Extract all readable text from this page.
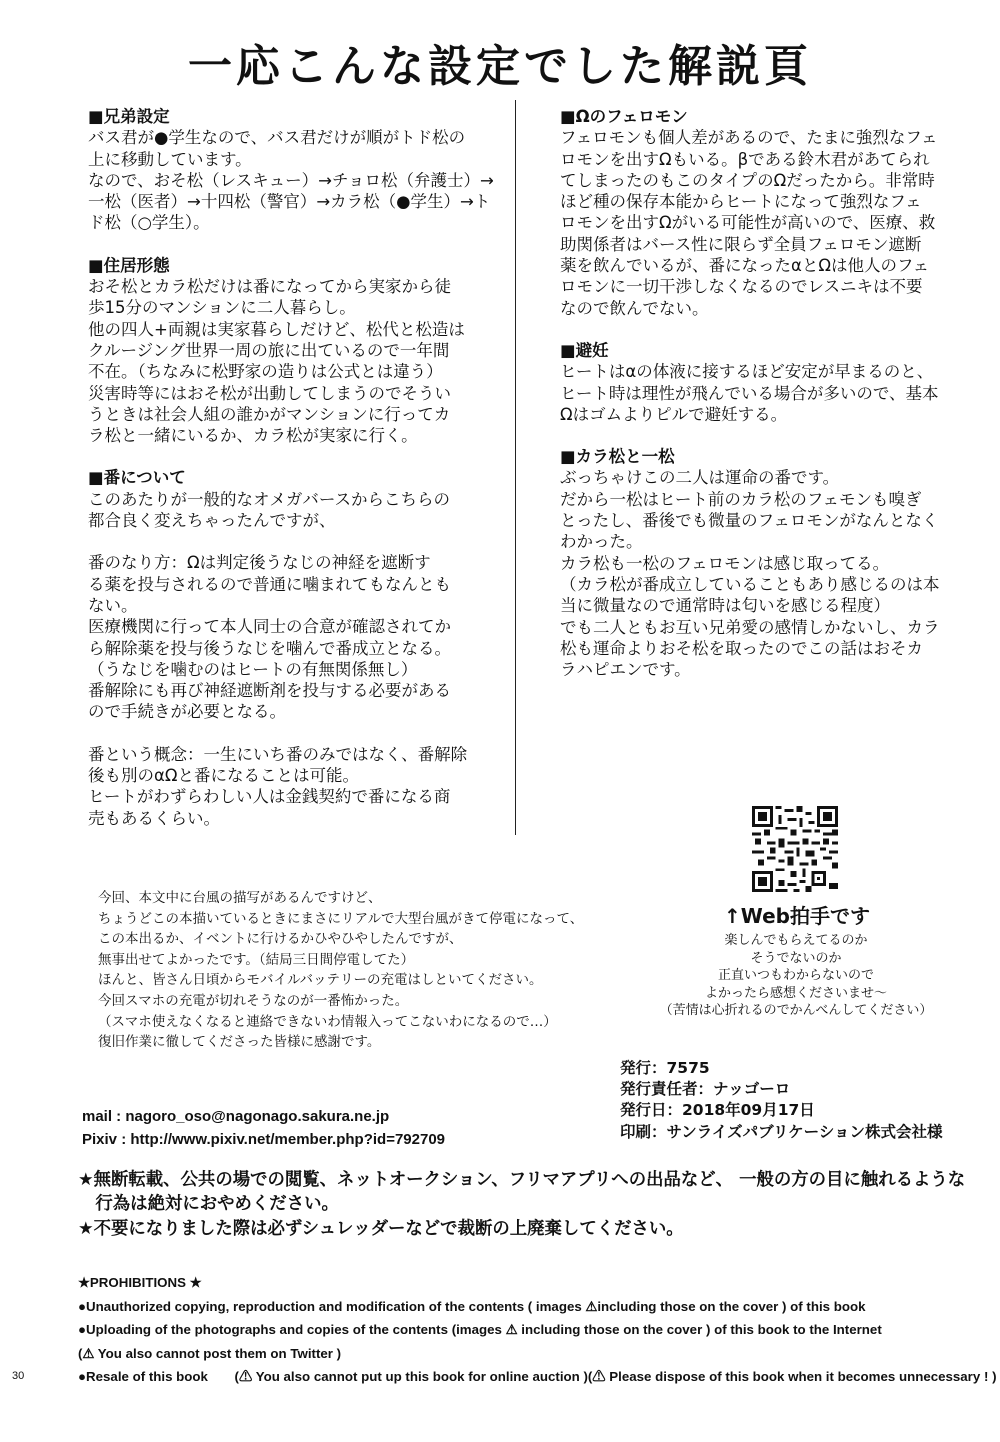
一応こんな設定でした解説頁

■兄弟設定

バス君が●学生なので、バス君だけが順がトド松の

上に移動しています。

なので、おそ松（レスキュー）→チョロ松（弁護士）→

一松（医者）→十四松（警官）→カラ松（●学生）→ト

ド松（○学生）。

■住居形態

おそ松とカラ松だけは番になってから実家から徒

歩15分のマンションに二人暮らし。

他の四人+両親は実家暮らしだけど、松代と松造は

クルージング世界一周の旅に出ているので一年間

不在。（ちなみに松野家の造りは公式とは違う）

災害時等にはおそ松が出動してしまうのでそうい

うときは社会人組の誰かがマンションに行ってカ

ラ松と一緒にいるか、カラ松が実家に行く。

■番について

このあたりが一般的なオメガバースからこちらの

都合良く変えちゃったんですが、

番のなり方：Ωは判定後うなじの神経を遮断す

る薬を投与されるので普通に噛まれてもなんとも

ない。

医療機関に行って本人同士の合意が確認されてか

ら解除薬を投与後うなじを噛んで番成立となる。

（うなじを噛むのはヒートの有無関係無し）

番解除にも再び神経遮断剤を投与する必要がある

ので手続きが必要となる。

番という概念：一生にいち番のみではなく、番解除

後も別のαΩと番になることは可能。

ヒートがわずらわしい人は金銭契約で番になる商

売もあるくらい。

■Ωのフェロモン

フェロモンも個人差があるので、たまに強烈なフェ

ロモンを出すΩもいる。βである鈴木君があてられ

てしまったのもこのタイプのΩだったから。非常時

ほど種の保存本能からヒートになって強烈なフェ

ロモンを出すΩがいる可能性が高いので、医療、救

助関係者はバース性に限らず全員フェロモン遮断

薬を飲んでいるが、番になったαとΩは他人のフェ

ロモンに一切干渉しなくなるのでレスニキは不要

なので飲んでない。

■避妊

ヒートはαの体液に接するほど安定が早まるのと、

ヒート時は理性が飛んでいる場合が多いので、基本

Ωはゴムよりピルで避妊する。

■カラ松と一松

ぶっちゃけこの二人は運命の番です。

だから一松はヒート前のカラ松のフェモンも嗅ぎ

とったし、番後でも微量のフェロモンがなんとなく

わかった。

カラ松も一松のフェロモンは感じ取ってる。

（カラ松が番成立していることもあり感じるのは本

当に微量なので通常時は匂いを感じる程度）

でも二人ともお互い兄弟愛の感情しかないし、カラ

松も運命よりおそ松を取ったのでこの話はおそカ

ラハピエンです。

今回、本文中に台風の描写があるんですけど、

ちょうどこの本描いているときにまさにリアルで大型台風がきて停電になって、

この本出るか、イベントに行けるかひやひやしたんですが、

無事出せてよかったです。（結局三日間停電してた）

ほんと、皆さん日頃からモバイルバッテリーの充電はしといてください。

今回スマホの充電が切れそうなのが一番怖かった。

（スマホ使えなくなると連絡できないわ情報入ってこないわになるので…）

復旧作業に徹してくださった皆様に感謝です。

↑Web拍手です

楽しんでもらえてるのか

そうでないのか

正直いつもわからないので

よかったら感想くださいませ〜

（苦情は心折れるのでかんべんしてください）

発行：7575

発行責任者：ナッゴーロ

発行日：2018年09月17日

印刷：サンライズパブリケーション株式会社様

mail : nagoro_oso@nagonago.sakura.ne.jp

Pixiv : http://www.pixiv.net/member.php?id=792709

★無断転載、公共の場での閲覧、ネットオークション、フリマアプリへの出品など、 一般の方の目に触れるような

　行為は絶対におやめください。

★不要になりました際は必ずシュレッダーなどで裁断の上廃棄してください。

★PROHIBITIONS ★

●Unauthorized copying, reproduction and modification of the contents ( images ⚠including those on the cover ) of this book

●Uploading of the photographs and copies of the contents (images ⚠ including those on the cover ) of this book to the Internet

(⚠ You also cannot post them on Twitter )

●Resale of this book　　(⚠ You also cannot put up this book for online auction )(⚠ Please dispose of this book when it becomes unnecessary ! )

30
